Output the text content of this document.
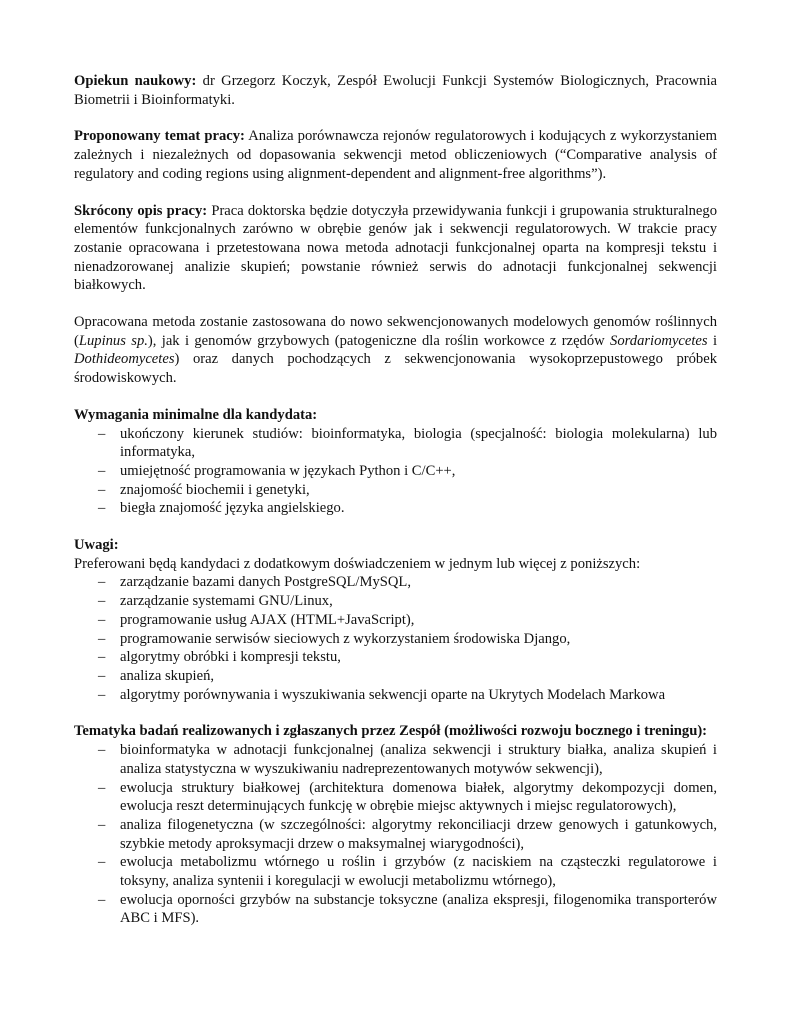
Opiekun naukowy: dr Grzegorz Koczyk, Zespół Ewolucji Funkcji Systemów Biologicznych, Pracownia Biometrii i Bioinformatyki.

Proponowany temat pracy: Analiza porównawcza rejonów regulatorowych i kodujących z wykorzystaniem zależnych i niezależnych od dopasowania sekwencji metod obliczeniowych (“Comparative analysis of regulatory and coding regions using alignment-dependent and alignment-free algorithms”).

Skrócony opis pracy: Praca doktorska będzie dotyczyła przewidywania funkcji i grupowania strukturalnego elementów funkcjonalnych zarówno w obrębie genów jak i sekwencji regulatorowych. W trakcie pracy zostanie opracowana i przetestowana nowa metoda adnotacji funkcjonalnej oparta na kompresji tekstu i nienadzorowanej analizie skupień; powstanie również serwis do adnotacji funkcjonalnej sekwencji białkowych.

Opracowana metoda zostanie zastosowana do nowo sekwencjonowanych modelowych genomów roślinnych (Lupinus sp.), jak i genomów grzybowych (patogeniczne dla roślin workowce z rzędów Sordariomycetes i Dothideomycetes) oraz danych pochodzących z sekwencjonowania wysokoprzepustowego próbek środowiskowych.

Wymagania minimalne dla kandydata:

– ukończony kierunek studiów: bioinformatyka, biologia (specjalność: biologia molekularna) lub informatyka,
– umiejętność programowania w językach Python i C/C++,
– znajomość biochemii i genetyki,
– biegła znajomość języka angielskiego.

Uwagi:

Preferowani będą kandydaci z dodatkowym doświadczeniem w jednym lub więcej z poniższych:

– zarządzanie bazami danych PostgreSQL/MySQL,
– zarządzanie systemami GNU/Linux,
– programowanie usług AJAX (HTML+JavaScript),
– programowanie serwisów sieciowych z wykorzystaniem środowiska Django,
– algorytmy obróbki i kompresji tekstu,
– analiza skupień,
– algorytmy porównywania i wyszukiwania sekwencji oparte na Ukrytych Modelach Markowa

Tematyka badań realizowanych i zgłaszanych przez Zespół (możliwości rozwoju bocznego i treningu):

– bioinformatyka w adnotacji funkcjonalnej (analiza sekwencji i struktury białka, analiza skupień i analiza statystyczna w wyszukiwaniu nadreprezentowanych motywów sekwencji),
– ewolucja struktury białkowej (architektura domenowa białek, algorytmy dekompozycji domen, ewolucja reszt determinujących funkcję w obrębie miejsc aktywnych i miejsc regulatorowych),
– analiza filogenetyczna (w szczególności: algorytmy rekonciliacji drzew genowych i gatunkowych, szybkie metody aproksymacji drzew o maksymalnej wiarygodności),
– ewolucja metabolizmu wtórnego u roślin i grzybów (z naciskiem na cząsteczki regulatorowe i toksyny, analiza syntenii i koregulacji w ewolucji metabolizmu wtórnego),
– ewolucja oporności grzybów na substancje toksyczne (analiza ekspresji, filogenomika transporterów ABC i MFS).
